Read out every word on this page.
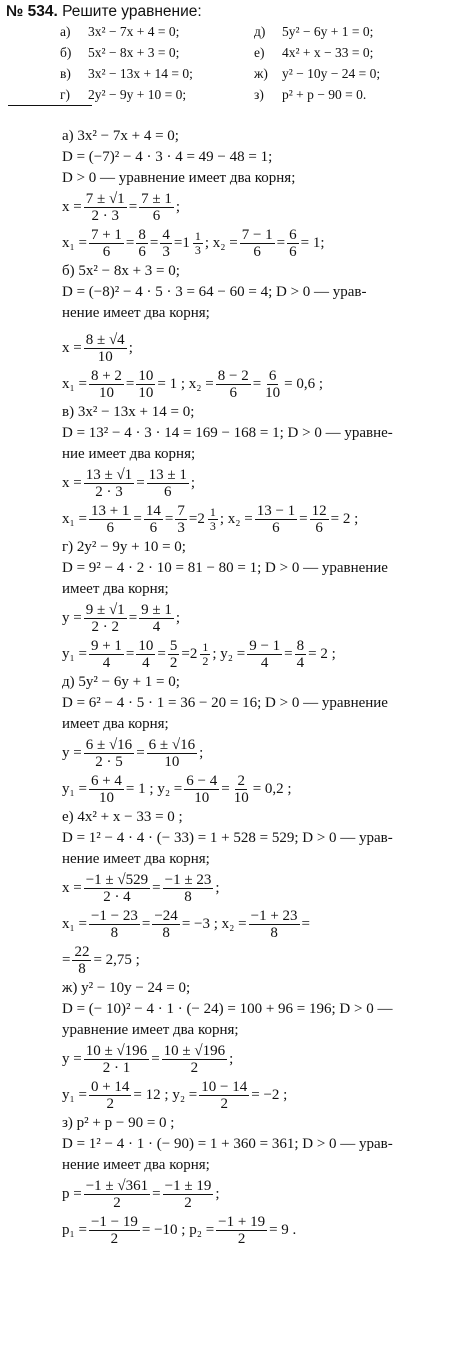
№ 534. Решите уравнение:
а) 3x² − 7x + 4 = 0;	д) 5y² − 6y + 1 = 0;
б) 5x² − 8x + 3 = 0;	е) 4x² + x − 33 = 0;
в) 3x² − 13x + 14 = 0;	ж) y² − 10y − 24 = 0;
г) 2y² − 9y + 10 = 0;	з) p² + p − 90 = 0.
а) 3x² − 7x + 4 = 0;
D = (−7)² − 4 · 3 · 4 = 49 − 48 = 1;
D > 0 — уравнение имеет два корня;
$x = \frac{7 \pm √1}{2 \cdot 3} = \frac{7 \pm 1}{6}$ ;
$x_1 = \frac{7 + 1}{6} = \frac{8}{6} = \frac{4}{3} = 1 \frac{1}{3}$ ; $x_2 = \frac{7 - 1}{6} = \frac{6}{6} = 1$;
б) 5x² − 8x + 3 = 0;
D = (−8)² − 4 · 5 · 3 = 64 − 60 = 4; D > 0 — урав-
нение имеет два корня;
$x = \frac{8 \pm √4}{10}$ ;
$x_1 = \frac{8 + 2}{10} = \frac{10}{10} = 1$ ;
$x_2 = \frac{8 - 2}{6} = \frac{6}{10} = 0,6$ ;
в) 3x² − 13x + 14 = 0;
D = 13² − 4 · 3 · 14 = 169 − 168 = 1; D > 0 — уравне-
ние имеет два корня;
$x = \frac{13 \pm √1}{2 \cdot 3} = \frac{13 \pm 1}{6}$ ;
$x_1 = \frac{13 + 1}{6} = \frac{14}{6} = \frac{7}{3} = 2 \frac{1}{3}$ ; $x_2 = \frac{13 - 1}{6} = \frac{12}{6} = 2$ ;
г) 2y² − 9y + 10 = 0;
D = 9² − 4 · 2 · 10 = 81 − 80 = 1; D > 0 — уравнение
имеет два корня;
$y = \frac{9 \pm √1}{2 \cdot 2} = \frac{9 \pm 1}{4}$ ;
$y_1 = \frac{9 + 1}{4} = \frac{10}{4} = \frac{5}{2} = 2 \frac{1}{2}$ ; $y_2 = \frac{9 - 1}{4} = \frac{8}{4} = 2$ ;
д) 5y² − 6y + 1 = 0;
D = 6² − 4 · 5 · 1 = 36 − 20 = 16; D > 0 — уравнение
имеет два корня;
$y = \frac{6 \pm √16}{2 \cdot 5} = \frac{6 \pm √16}{10}$ ;
$y_1 = \frac{6 + 4}{10} = 1$ ;
$y_2 = \frac{6 - 4}{10} = \frac{2}{10} = 0,2$ ;
е) 4x² + x − 33 = 0 ;
D = 1² − 4 · 4 · (− 33) = 1 + 528 = 529; D > 0 — урав-
нение имеет два корня;
$x = \frac{-1 \pm √529}{2 \cdot 4} = \frac{-1 \pm 23}{8}$ ;
$x_1 = \frac{-1 - 23}{8} = \frac{-24}{8} = -3$ ;
$x_2 = \frac{-1 + 23}{8}$ =
= $\frac{22}{8} = 2,75$ ;
ж) y² − 10y − 24 = 0;
D = (− 10)² − 4 · 1 · (− 24) = 100 + 96 = 196; D > 0 —
уравнение имеет два корня;
$y = \frac{10 \pm √196}{2 \cdot 1} = \frac{10 \pm √196}{2}$ ;
$y_1 = \frac{0 + 14}{2} = 12$ ;
$y_2 = \frac{10 - 14}{2} = -2$ ;
з) p² + p − 90 = 0 ;
D = 1² − 4 · 1 · (− 90) = 1 + 360 = 361; D > 0 — урав-
нение имеет два корня;
$p = \frac{-1 \pm √361}{2} = \frac{-1 \pm 19}{2}$ ;
$p_1 = \frac{-1 - 19}{2} = -10$ ;
$p_2 = \frac{-1 + 19}{2} = 9$ .
